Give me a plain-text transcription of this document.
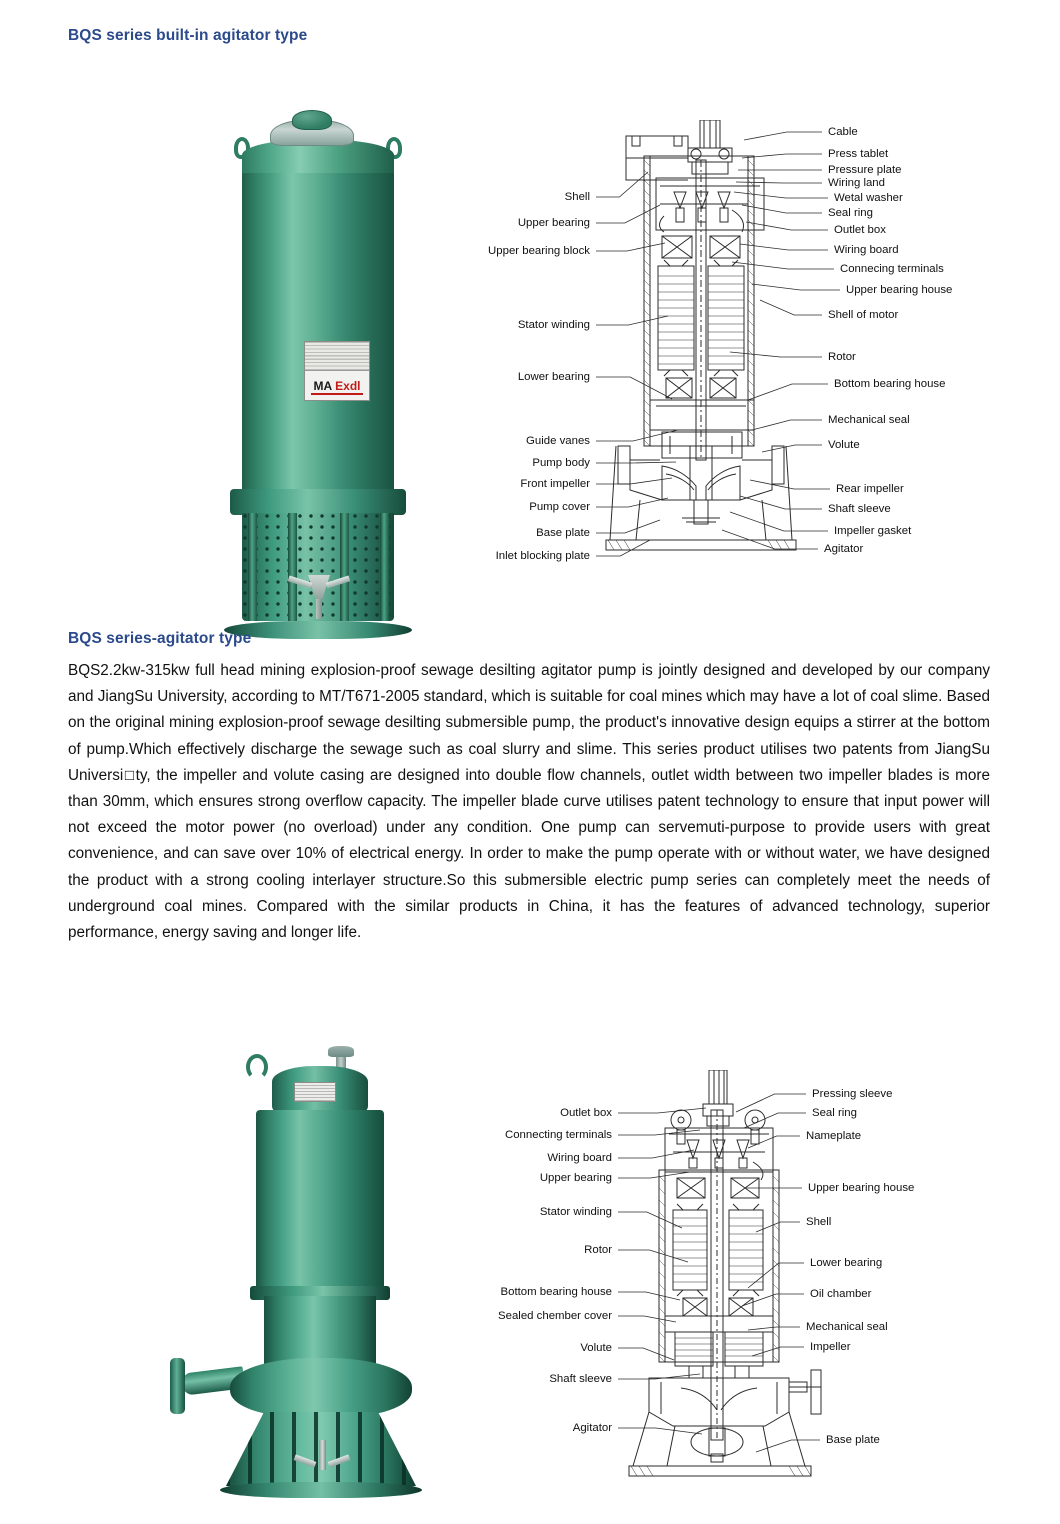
BQS series built-in agitator type
MA Exdl
Shell
Upper bearing
Upper bearing block
Stator winding
Lower bearing
Guide vanes
Pump body
Front impeller
Pump cover
Base plate
Inlet blocking plate
Cable
Press tablet
Pressure plate
Wiring land
Wetal washer
Seal ring
Outlet box
Wiring board
Connecing terminals
Upper bearing house
Shell of motor
Rotor
Bottom bearing house
Mechanical seal
Volute
Rear impeller
Shaft sleeve
Impeller gasket
Agitator
BQS series-agitator type
BQS2.2kw-315kw full head mining explosion-proof sewage desilting agitator pump is jointly designed and developed by our company and JiangSu University, according to MT/T671-2005 standard, which is suitable for coal mines which may have a lot of coal slime. Based on the original mining explosion-proof sewage desilting submersible pump, the product's innovative design equips a stirrer at the bottom of pump.Which effectively discharge the sewage such as coal slurry and slime. This series product utilises two patents from JiangSu Universi□ty, the impeller and volute casing are designed into double flow channels, outlet width between two impeller blades is more than 30mm, which ensures strong overflow capacity. The impeller blade curve utilises patent technology to ensure that input power will not exceed the motor power (no overload) under any condition. One pump can servemuti-purpose to provide users with great convenience, and can save over 10% of electrical energy. In order to make the pump operate with or without water, we have designed the product with a strong cooling interlayer structure.So this submersible electric pump series can completely meet the needs of underground coal mines. Compared with the similar products in China, it has the features of advanced technology, superior performance, energy saving and longer life.
Outlet box
Connecting terminals
Wiring board
Upper bearing
Stator winding
Rotor
Bottom bearing house
Sealed chember cover
Volute
Shaft sleeve
Agitator
Pressing sleeve
Seal ring
Nameplate
Upper bearing house
Shell
Lower bearing
Oil chamber
Mechanical seal
Impeller
Base plate
